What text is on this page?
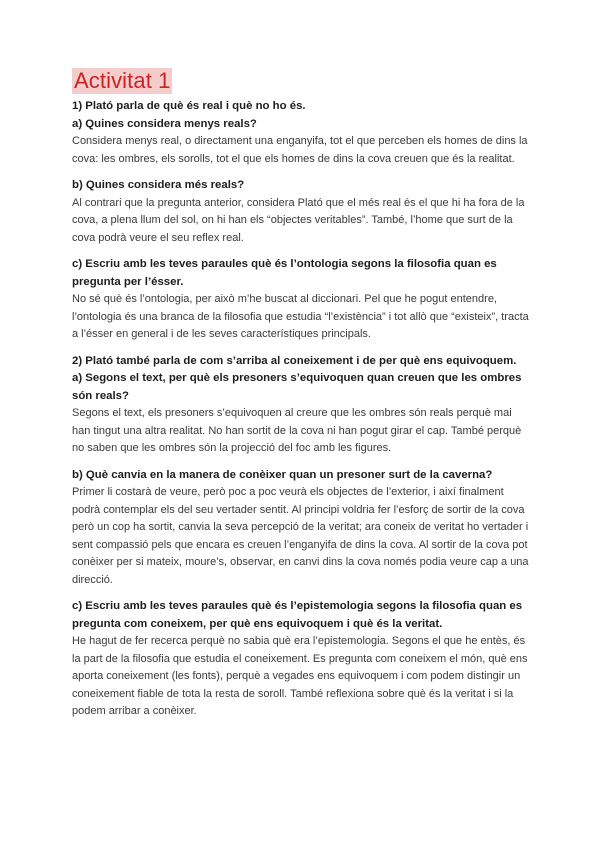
Activitat 1

1) Plató parla de què és real i què no ho és.

a) Quines considera menys reals?

Considera menys real, o directament una enganyifa, tot el que perceben els homes de dins la cova: les ombres, els sorolls, tot el que els homes de dins la cova creuen que és la realitat.

b) Quines considera més reals?

Al contrari que la pregunta anterior, considera Plató que el més real és el que hi ha fora de la cova, a plena llum del sol, on hi han els “objectes veritables”. També, l’home que surt de la cova podrà veure el seu reflex real.

c) Escriu amb les teves paraules què és l’ontologia segons la filosofia quan es pregunta per l’ésser.

No sé què és l’ontologia, per això m’he buscat al diccionari. Pel que he pogut entendre, l’ontologia és una branca de la filosofia que estudia “l’existència” i tot allò que “existeix”, tracta a l’ésser en general i de les seves característiques principals.

2) Plató també parla de com s’arriba al coneixement i de per què ens equivoquem.

a) Segons el text, per què els presoners s’equivoquen quan creuen que les ombres són reals?

Segons el text, els presoners s’equivoquen al creure que les ombres són reals perquè mai han tingut una altra realitat. No han sortit de la cova ni han pogut girar el cap. També perquè no saben que les ombres són la projecció del foc amb les figures.

b) Què canvia en la manera de conèixer quan un presoner surt de la caverna?

Primer li costarà de veure, però poc a poc veurà els objectes de l’exterior, i així finalment podrà contemplar els del seu vertader sentit. Al principi voldria fer l’esforç de sortir de la cova però un cop ha sortit, canvia la seva percepció de la veritat; ara coneix de veritat ho vertader i sent compassió pels que encara es creuen l’enganyifa de dins la cova. Al sortir de la cova pot conèixer per si mateix, moure’s, observar, en canvi dins la cova només podia veure cap a una direcció.

c) Escriu amb les teves paraules què és l’epistemologia segons la filosofia quan es pregunta com coneixem, per què ens equivoquem i què és la veritat.

He hagut de fer recerca perquè no sabia què era l’epistemologia. Segons el que he entès, és la part de la filosofia que estudia el coneixement. Es pregunta com coneixem el món, què ens aporta coneixement (les fonts), perquè a vegades ens equivoquem i com podem distingir un coneixement fiable de tota la resta de soroll. També reflexiona sobre què és la veritat i si la podem arribar a conèixer.
